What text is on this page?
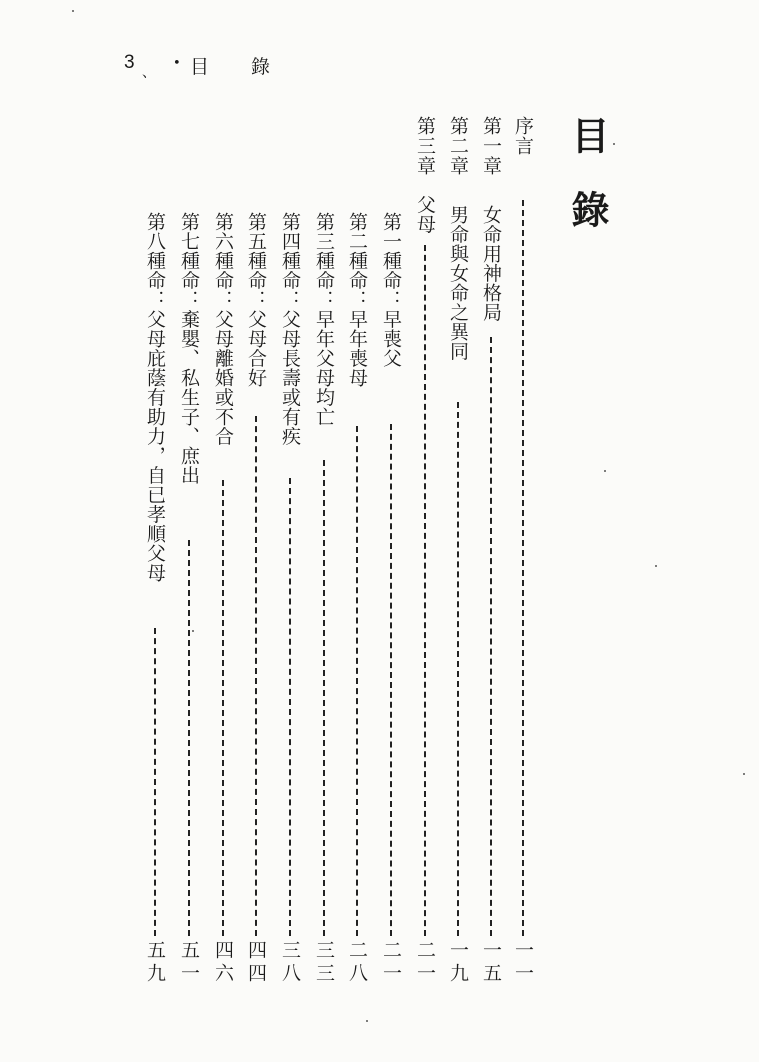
3 、
• 目錄
目錄
序言
第一章
第二章
第三章
一一
女命用神格局
一五
男命與女命之異同
一九
父母
二一
第一種命：早喪父
二一
第二種命：早年喪母
二八
第三種命：早年父母均亡
三三
第四種命：父母長壽或有疾
三八
第五種命：父母合好
四四
第六種命：父母離婚或不合
四六
第七種命：棄嬰、私生子、庶出
五一
第八種命：父母庇蔭有助力，自已孝順父母
五九
